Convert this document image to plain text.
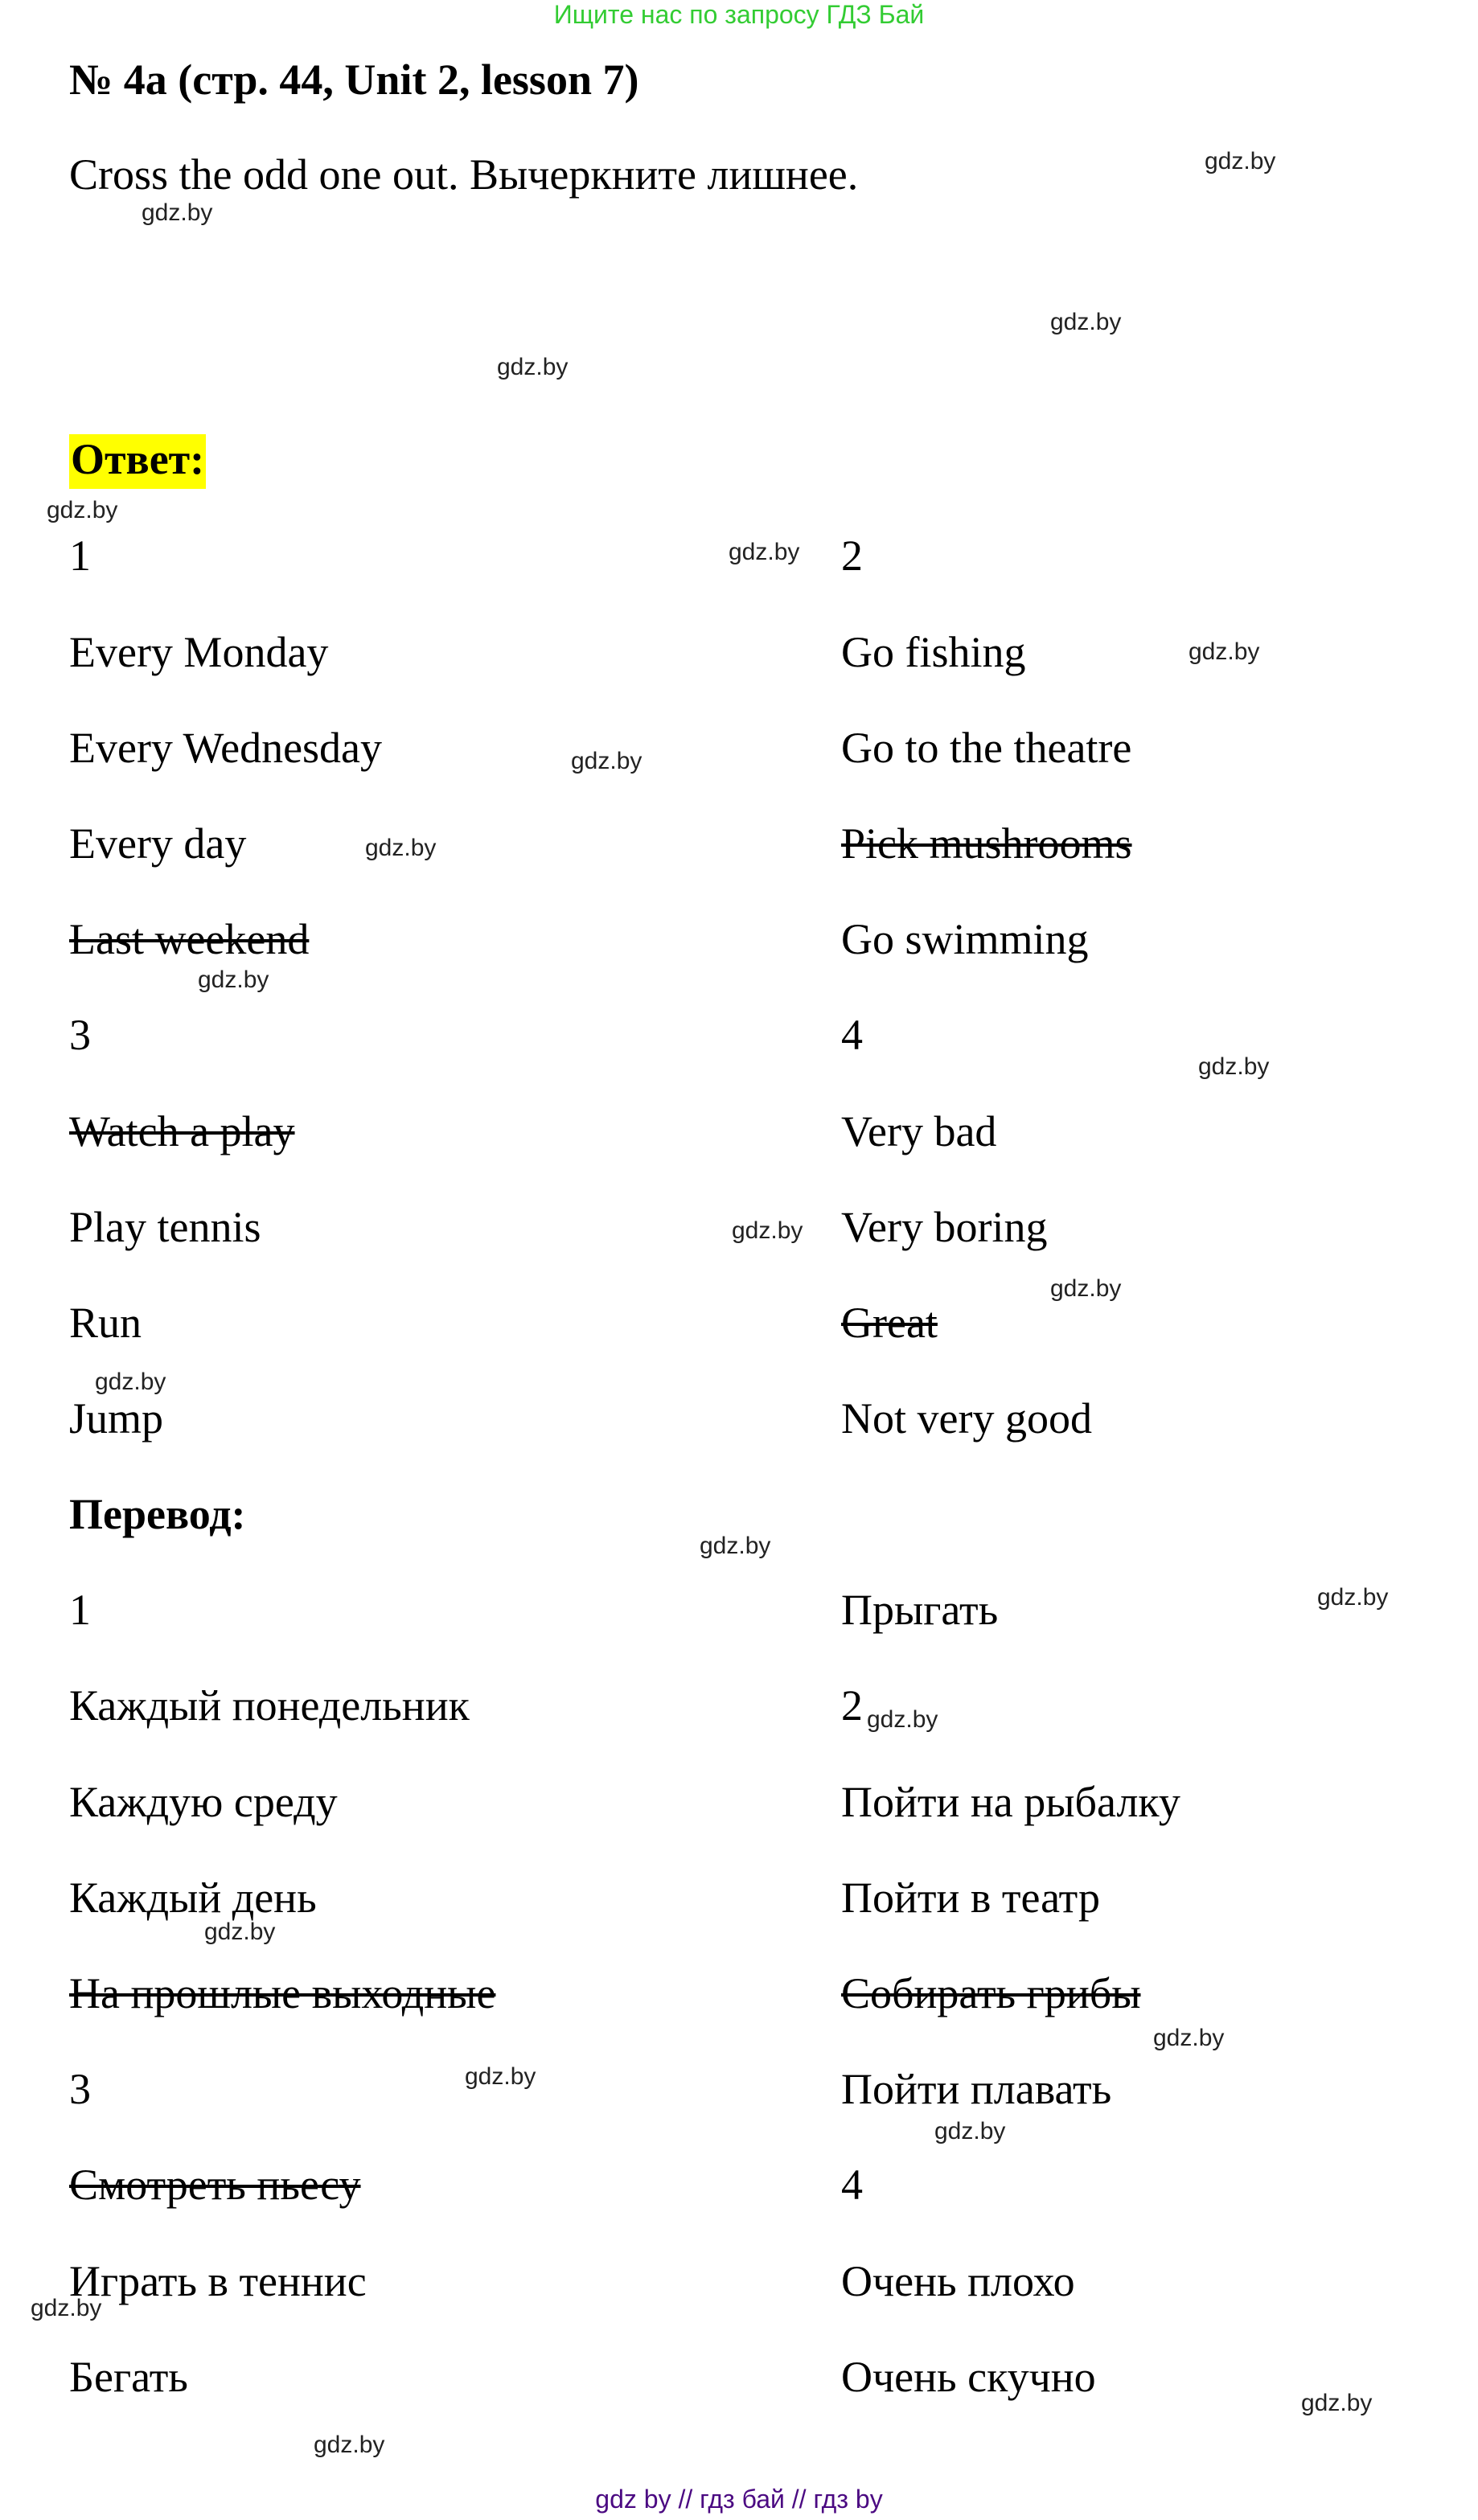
Ищите нас по запросу ГДЗ Бай
№ 4a (стр. 44, Unit 2, lesson 7)
Cross the odd one out. Вычеркните лишнее.
Ответ:
1
Every Monday
Every Wednesday
Every day
Last weekend
3
Watch a play
Play tennis
Run
Jump
2
Go fishing
Go to the theatre
Pick mushrooms
Go swimming
4
Very bad
Very boring
Great
Not very good
Перевод:
1
Каждый понедельник
Каждую среду
Каждый день
На прошлые выходные
3
Смотреть пьесу
Играть в теннис
Бегать
Прыгать
2
Пойти на рыбалку
Пойти в театр
Собирать грибы
Пойти плавать
4
Очень плохо
Очень скучно
gdz.by
gdz.by
gdz.by
gdz.by
gdz.by
gdz.by
gdz.by
gdz.by
gdz.by
gdz.by
gdz.by
gdz.by
gdz.by
gdz.by
gdz.by
gdz.by
gdz.by
gdz.by
gdz.by
gdz.by
gdz.by
gdz.by
gdz.by
gdz.by
gdz by // гдз бай // гдз by
